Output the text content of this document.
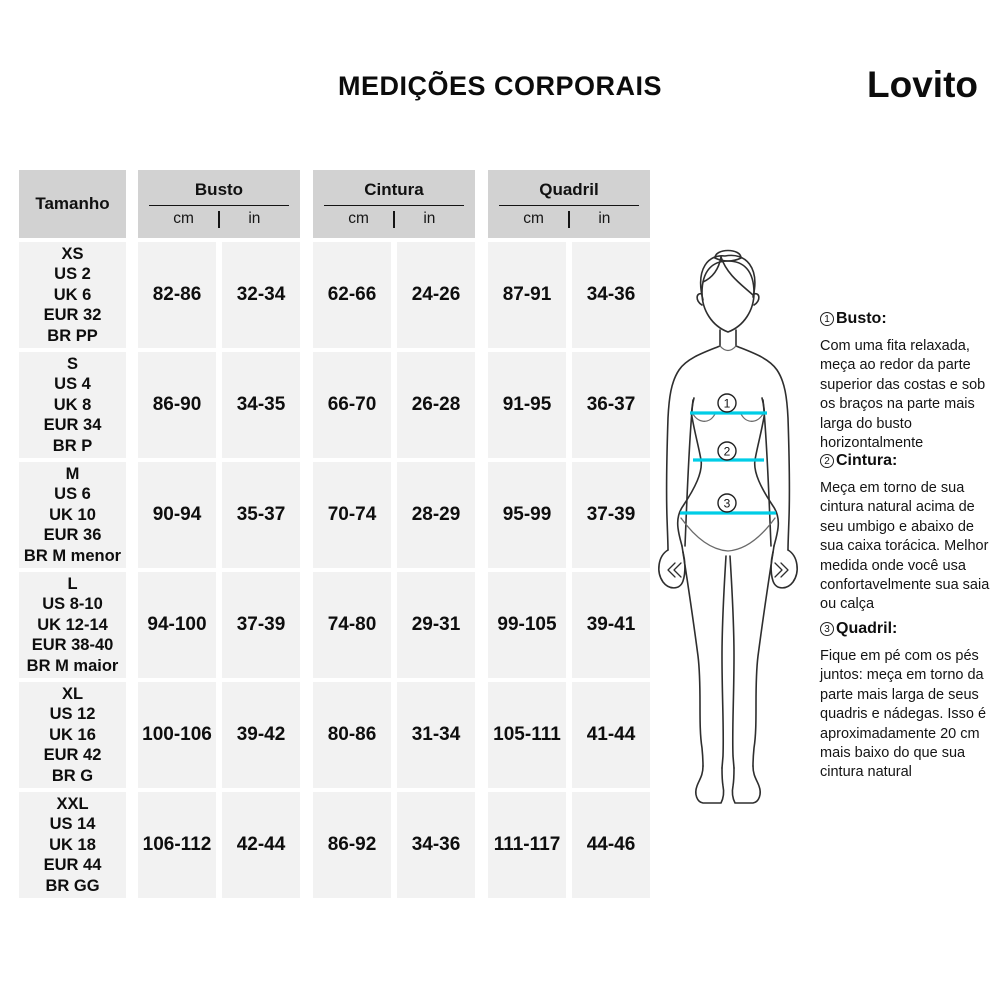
MEDIÇÕES CORPORAIS	Lovito
Tamanho
Busto
cm	in
Cintura
cm	in
Quadril
cm	in
XS
US 2
UK 6
EUR 32
BR PP
82-86	32-34	62-66	24-26	87-91	34-36
S
US 4
UK 8
EUR 34
BR P
86-90	34-35	66-70	26-28	91-95	36-37
M
US 6
UK 10
EUR 36
BR M menor
90-94	35-37	70-74	28-29	95-99	37-39
L
US 8-10
UK 12-14
EUR 38-40
BR M maior
94-100	37-39	74-80	29-31	99-105	39-41
XL
US 12
UK 16
EUR 42
BR G
100-106	39-42	80-86	31-34	105-111	41-44
XXL
US 14
UK 18
EUR 44
BR GG
106-112	42-44	86-92	34-36	111-117	44-46
1
2
3
1 Busto:
Com uma fita relaxada, meça ao redor da parte superior das costas e sob os braços na parte mais larga do busto horizontalmente
2 Cintura:
Meça em torno de sua cintura natural acima de seu umbigo e abaixo de sua caixa torácica. Melhor medida onde você usa confortavelmente sua saia ou calça
3 Quadril:
Fique em pé com os pés juntos: meça em torno da parte mais larga de seus quadris e nádegas. Isso é aproximadamente 20 cm mais baixo do que sua cintura natural
